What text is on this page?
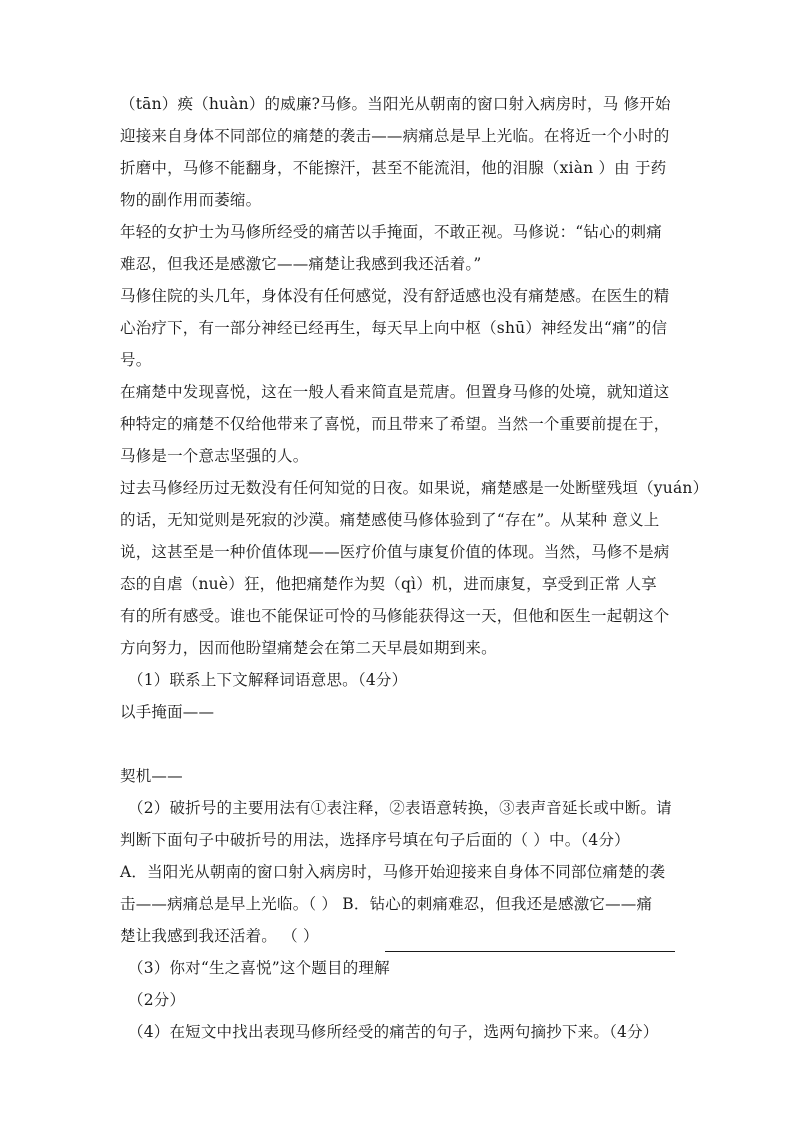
（tān）痪（huàn）的威廉?马修。当阳光从朝南的窗口射入病房时，马 修开始
迎接来自身体不同部位的痛楚的袭击——病痛总是早上光临。在将近一个小时的
折磨中，马修不能翻身，不能擦汗，甚至不能流泪，他的泪腺（xiàn ）由 于药
物的副作用而萎缩。
年轻的女护士为马修所经受的痛苦以手掩面，不敢正视。马修说：“钻心的刺痛
难忍，但我还是感激它——痛楚让我感到我还活着。”
马修住院的头几年，身体没有任何感觉，没有舒适感也没有痛楚感。在医生的精
心治疗下，有一部分神经已经再生，每天早上向中枢（shū）神经发出“痛”的信
号。
在痛楚中发现喜悦，这在一般人看来简直是荒唐。但置身马修的处境，就知道这
种特定的痛楚不仅给他带来了喜悦，而且带来了希望。当然一个重要前提在于，
马修是一个意志坚强的人。
过去马修经历过无数没有任何知觉的日夜。如果说，痛楚感是一处断壁残垣（yuán）
的话，无知觉则是死寂的沙漠。痛楚感使马修体验到了“存在”。从某种 意义上
说，这甚至是一种价值体现——医疗价值与康复价值的体现。当然，马修不是病
态的自虐（nuè）狂，他把痛楚作为契（qì）机，进而康复，享受到正常 人享
有的所有感受。谁也不能保证可怜的马修能获得这一天，但他和医生一起朝这个
方向努力，因而他盼望痛楚会在第二天早晨如期到来。
（1）联系上下文解释词语意思。（4分）
以手掩面——
契机——
（2）破折号的主要用法有①表注释，②表语意转换，③表声音延长或中断。请
判断下面句子中破折号的用法，选择序号填在句子后面的（ ）中。（4分）
A．当阳光从朝南的窗口射入病房时，马修开始迎接来自身体不同部位痛楚的袭
击——病痛总是早上光临。（ ） B．钻心的刺痛难忍，但我还是感激它——痛
楚让我感到我还活着。 （ ）
（3）你对“生之喜悦”这个题目的理解
（2分）
（4）在短文中找出表现马修所经受的痛苦的句子，选两句摘抄下来。（4分）
